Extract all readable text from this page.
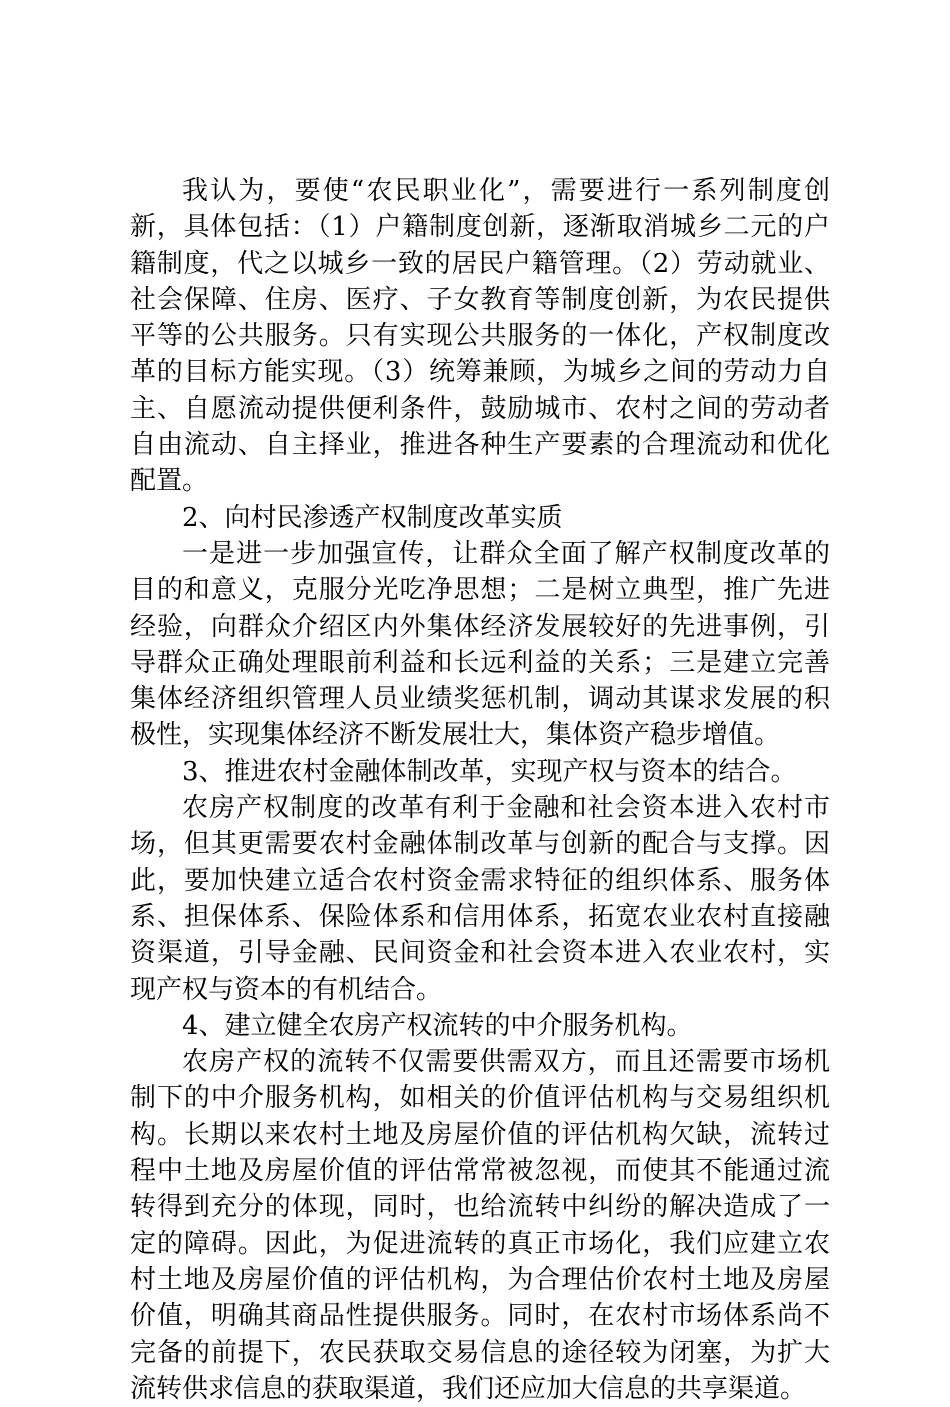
我认为，要使“农民职业化”，需要进行一系列制度创新，具体包括：（1）户籍制度创新，逐渐取消城乡二元的户籍制度，代之以城乡一致的居民户籍管理。（2）劳动就业、社会保障、住房、医疗、子女教育等制度创新，为农民提供平等的公共服务。只有实现公共服务的一体化，产权制度改革的目标方能实现。（3）统筹兼顾，为城乡之间的劳动力自主、自愿流动提供便利条件，鼓励城市、农村之间的劳动者自由流动、自主择业，推进各种生产要素的合理流动和优化配置。

2、向村民渗透产权制度改革实质

一是进一步加强宣传，让群众全面了解产权制度改革的目的和意义，克服分光吃净思想；二是树立典型，推广先进经验，向群众介绍区内外集体经济发展较好的先进事例，引导群众正确处理眼前利益和长远利益的关系；三是建立完善集体经济组织管理人员业绩奖惩机制，调动其谋求发展的积极性，实现集体经济不断发展壮大，集体资产稳步增值。

3、推进农村金融体制改革，实现产权与资本的结合。

农房产权制度的改革有利于金融和社会资本进入农村市场，但其更需要农村金融体制改革与创新的配合与支撑。因此，要加快建立适合农村资金需求特征的组织体系、服务体系、担保体系、保险体系和信用体系，拓宽农业农村直接融资渠道，引导金融、民间资金和社会资本进入农业农村，实现产权与资本的有机结合。

4、建立健全农房产权流转的中介服务机构。

农房产权的流转不仅需要供需双方，而且还需要市场机制下的中介服务机构，如相关的价值评估机构与交易组织机构。长期以来农村土地及房屋价值的评估机构欠缺，流转过程中土地及房屋价值的评估常常被忽视，而使其不能通过流转得到充分的体现，同时，也给流转中纠纷的解决造成了一定的障碍。因此，为促进流转的真正市场化，我们应建立农村土地及房屋价值的评估机构，为合理估价农村土地及房屋价值，明确其商品性提供服务。同时，在农村市场体系尚不完备的前提下，农民获取交易信息的途径较为闭塞，为扩大流转供求信息的获取渠道，我们还应加大信息的共享渠道。
